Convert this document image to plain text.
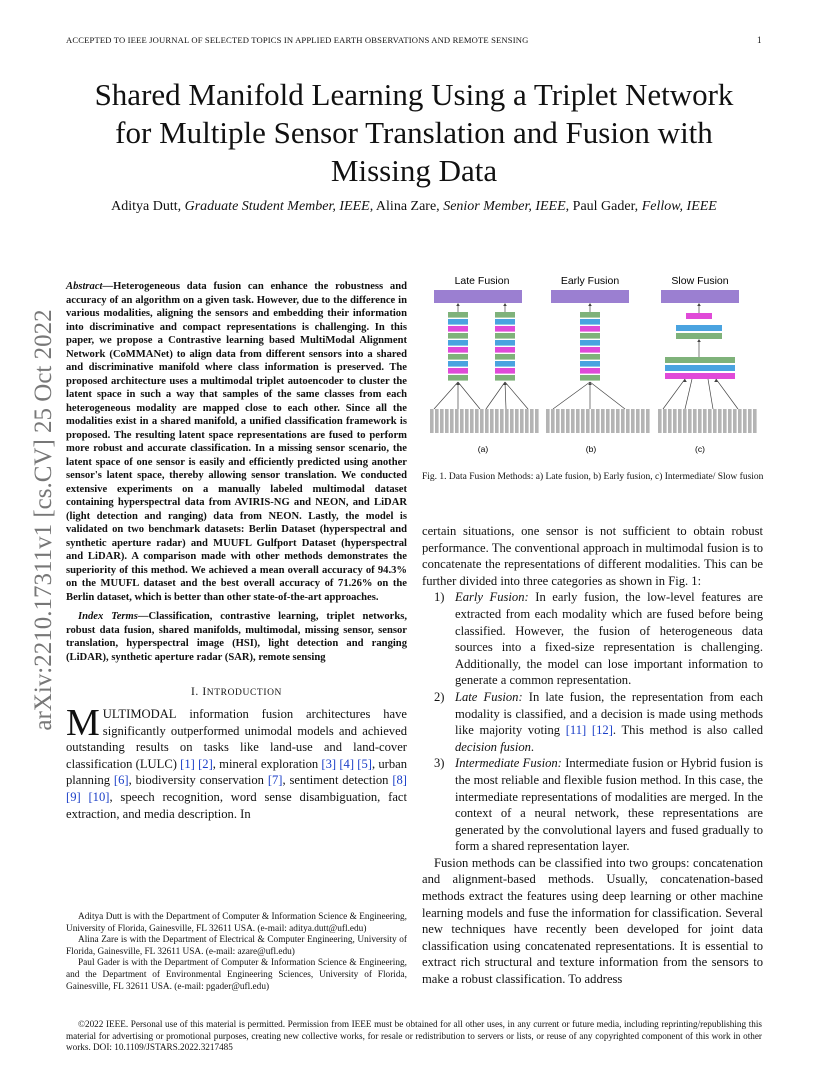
ACCEPTED TO IEEE JOURNAL OF SELECTED TOPICS IN APPLIED EARTH OBSERVATIONS AND REMOTE SENSING	1
arXiv:2210.17311v1 [cs.CV] 25 Oct 2022
Shared Manifold Learning Using a Triplet Network
for Multiple Sensor Translation and Fusion with
Missing Data
Aditya Dutt, Graduate Student Member, IEEE, Alina Zare, Senior Member, IEEE, Paul Gader, Fellow, IEEE

Abstract—Heterogeneous data fusion can enhance the robustness and accuracy of an algorithm on a given task. However, due to the difference in various modalities, aligning the sensors and embedding their information into discriminative and compact representations is challenging. In this paper, we propose a Contrastive learning based MultiModal Alignment Network (CoMMANet) to align data from different sensors into a shared and discriminative manifold where class information is preserved. The proposed architecture uses a multimodal triplet autoencoder to cluster the latent space in such a way that samples of the same classes from each heterogeneous modality are mapped close to each other. Since all the modalities exist in a shared manifold, a unified classification framework is proposed. The resulting latent space representations are fused to perform more robust and accurate classification. In a missing sensor scenario, the latent space of one sensor is easily and efficiently predicted using another sensor's latent space, thereby allowing sensor translation. We conducted extensive experiments on a manually labeled multimodal dataset containing hyperspectral data from AVIRIS-NG and NEON, and LiDAR (light detection and ranging) data from NEON. Lastly, the model is validated on two benchmark datasets: Berlin Dataset (hyperspectral and synthetic aperture radar) and MUUFL Gulfport Dataset (hyperspectral and LiDAR). A comparison made with other methods demonstrates the superiority of this method. We achieved a mean overall accuracy of 94.3% on the MUUFL dataset and the best overall accuracy of 71.26% on the Berlin dataset, which is better than other state-of-the-art approaches.

Index Terms—Classification, contrastive learning, triplet networks, robust data fusion, shared manifolds, multimodal, missing sensor, sensor translation, hyperspectral image (HSI), light detection and ranging (LiDAR), synthetic aperture radar (SAR), remote sensing

I. INTRODUCTION

MULTIMODAL information fusion architectures have significantly outperformed unimodal models and achieved outstanding results on tasks like land-use and land-cover classification (LULC) [1] [2], mineral exploration [3] [4] [5], urban planning [6], biodiversity conservation [7], sentiment detection [8] [9] [10], speech recognition, word sense disambiguation, fact extraction, and media description. In

Aditya Dutt is with the Department of Computer & Information Science & Engineering, University of Florida, Gainesville, FL 32611 USA. (e-mail: aditya.dutt@ufl.edu)

Alina Zare is with the Department of Electrical & Computer Engineering, University of Florida, Gainesville, FL 32611 USA. (e-mail: azare@ufl.edu)

Paul Gader is with the Department of Computer & Information Science & Engineering, and the Department of Environmental Engineering Sciences, University of Florida, Gainesville, FL 32611 USA. (e-mail: pgader@ufl.edu)

©2022 IEEE. Personal use of this material is permitted. Permission from IEEE must be obtained for all other uses, in any current or future media, including reprinting/republishing this material for advertising or promotional purposes, creating new collective works, for resale or redistribution to servers or lists, or reuse of any copyrighted component of this work in other works. DOI: 10.1109/JSTARS.2022.3217485

Late Fusion	Early Fusion	Slow Fusion
(a)	(b)	(c)
Fig. 1. Data Fusion Methods: a) Late fusion, b) Early fusion, c) Intermediate/ Slow fusion

certain situations, one sensor is not sufficient to obtain robust performance. The conventional approach in multimodal fusion is to concatenate the representations of different modalities. This can be further divided into three categories as shown in Fig. 1:

1) Early Fusion: In early fusion, the low-level features are extracted from each modality which are fused before being classified. However, the fusion of heterogeneous data sources into a fixed-size representation is challenging. Additionally, the model can lose important information to generate a common representation.
2) Late Fusion: In late fusion, the representation from each modality is classified, and a decision is made using methods like majority voting [11] [12]. This method is also called decision fusion.
3) Intermediate Fusion: Intermediate fusion or Hybrid fusion is the most reliable and flexible fusion method. In this case, the intermediate representations of modalities are merged. In the context of a neural network, these representations are generated by the convolutional layers and fused gradually to form a shared representation layer.

Fusion methods can be classified into two groups: concatenation and alignment-based methods. Usually, concatenation-based methods extract the features using deep learning or other machine learning models and fuse the information for classification. Several new techniques have recently been developed for joint data classification using concatenated representations. It is essential to extract rich structural and texture information from the sensors to make a robust classification. To address
